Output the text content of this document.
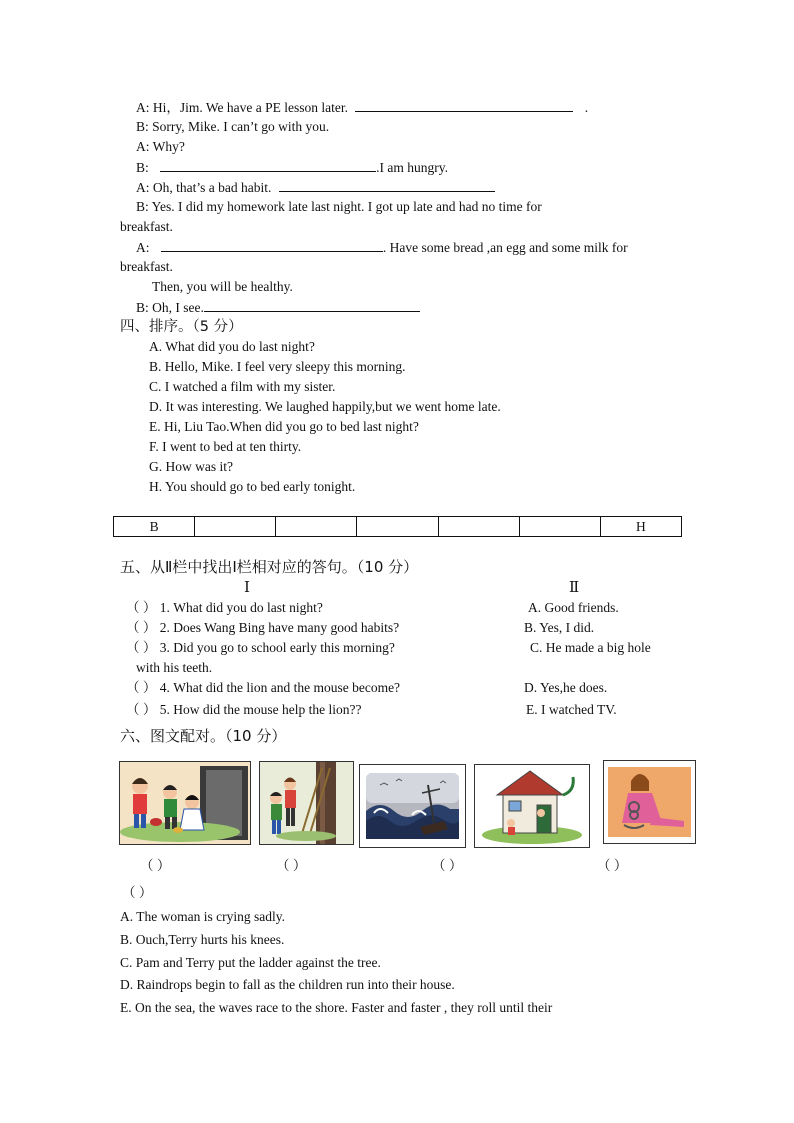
A: Hi，Jim. We have a PE lesson later.	.
B: Sorry, Mike. I can’t go with you.
A: Why?
B:	.I am hungry.
A: Oh, that’s a bad habit.
B: Yes. I did my homework late last night. I got up late and had no time for
breakfast.
A:	. Have some bread ,an egg and some milk for
breakfast.
Then, you will be healthy.
B: Oh, I see.
四、排序。（5 分）
A. What did you do last night?
B. Hello, Mike. I feel very sleepy this morning.
C. I watched a film with my sister.
D. It was interesting. We laughed happily,but we went home late.
E. Hi, Liu Tao.When did you go to bed last night?
F. I went to bed at ten thirty.
G. How was it?
H. You should go to bed early tonight.
B						H
五、从Ⅱ栏中找出Ⅰ栏相对应的答句。（10 分）
Ⅰ	Ⅱ
（ ） 1. What did you do last night?	A. Good friends.
（ ） 2. Does Wang Bing have many good habits?	B. Yes, I did.
（ ） 3. Did you go to school early this morning?	C. He made a big hole
with his teeth.
（ ） 4. What did the lion and the mouse become?	D. Yes,he does.
（ ） 5. How did the mouse help the lion??	E. I watched TV.
六、图文配对。（10 分）
（ ）	（ ）	（ ）	（ ）
（ ）
A. The woman is crying sadly.
B. Ouch,Terry hurts his knees.
C. Pam and Terry put the ladder against the tree.
D. Raindrops begin to fall as the children run into their house.
E. On the sea, the waves race to the shore. Faster and faster , they roll until their
